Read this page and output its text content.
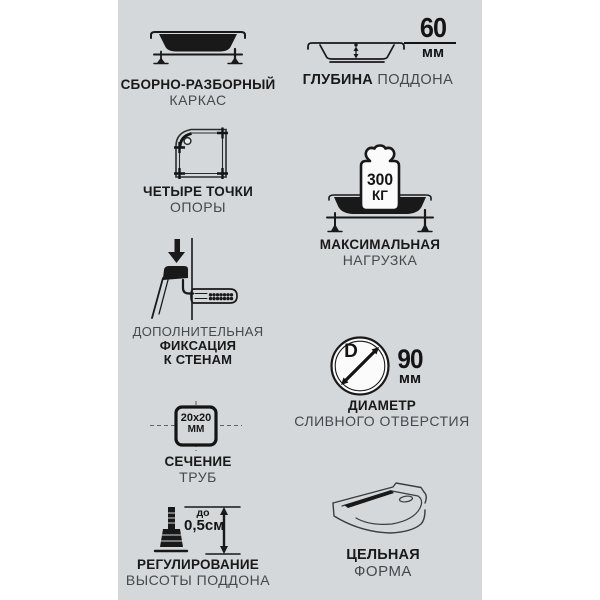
СБОРНО-РАЗБОРНЫЙ
КАРКАС
ЧЕТЫРЕ ТОЧКИ
ОПОРЫ
ДОПОЛНИТЕЛЬНАЯ
ФИКСАЦИЯ
К СТЕНАМ
20x20
ММ
СЕЧЕНИЕ
ТРУБ
до
0,5см
РЕГУЛИРОВАНИЕ
ВЫСОТЫ ПОДДОНА
60
мм
ГЛУБИНА ПОДДОНА
300
КГ
МАКСИМАЛЬНАЯ
НАГРУЗКА
D 90
мм
ДИАМЕТР
СЛИВНОГО ОТВЕРСТИЯ
ЦЕЛЬНАЯ
ФОРМА
